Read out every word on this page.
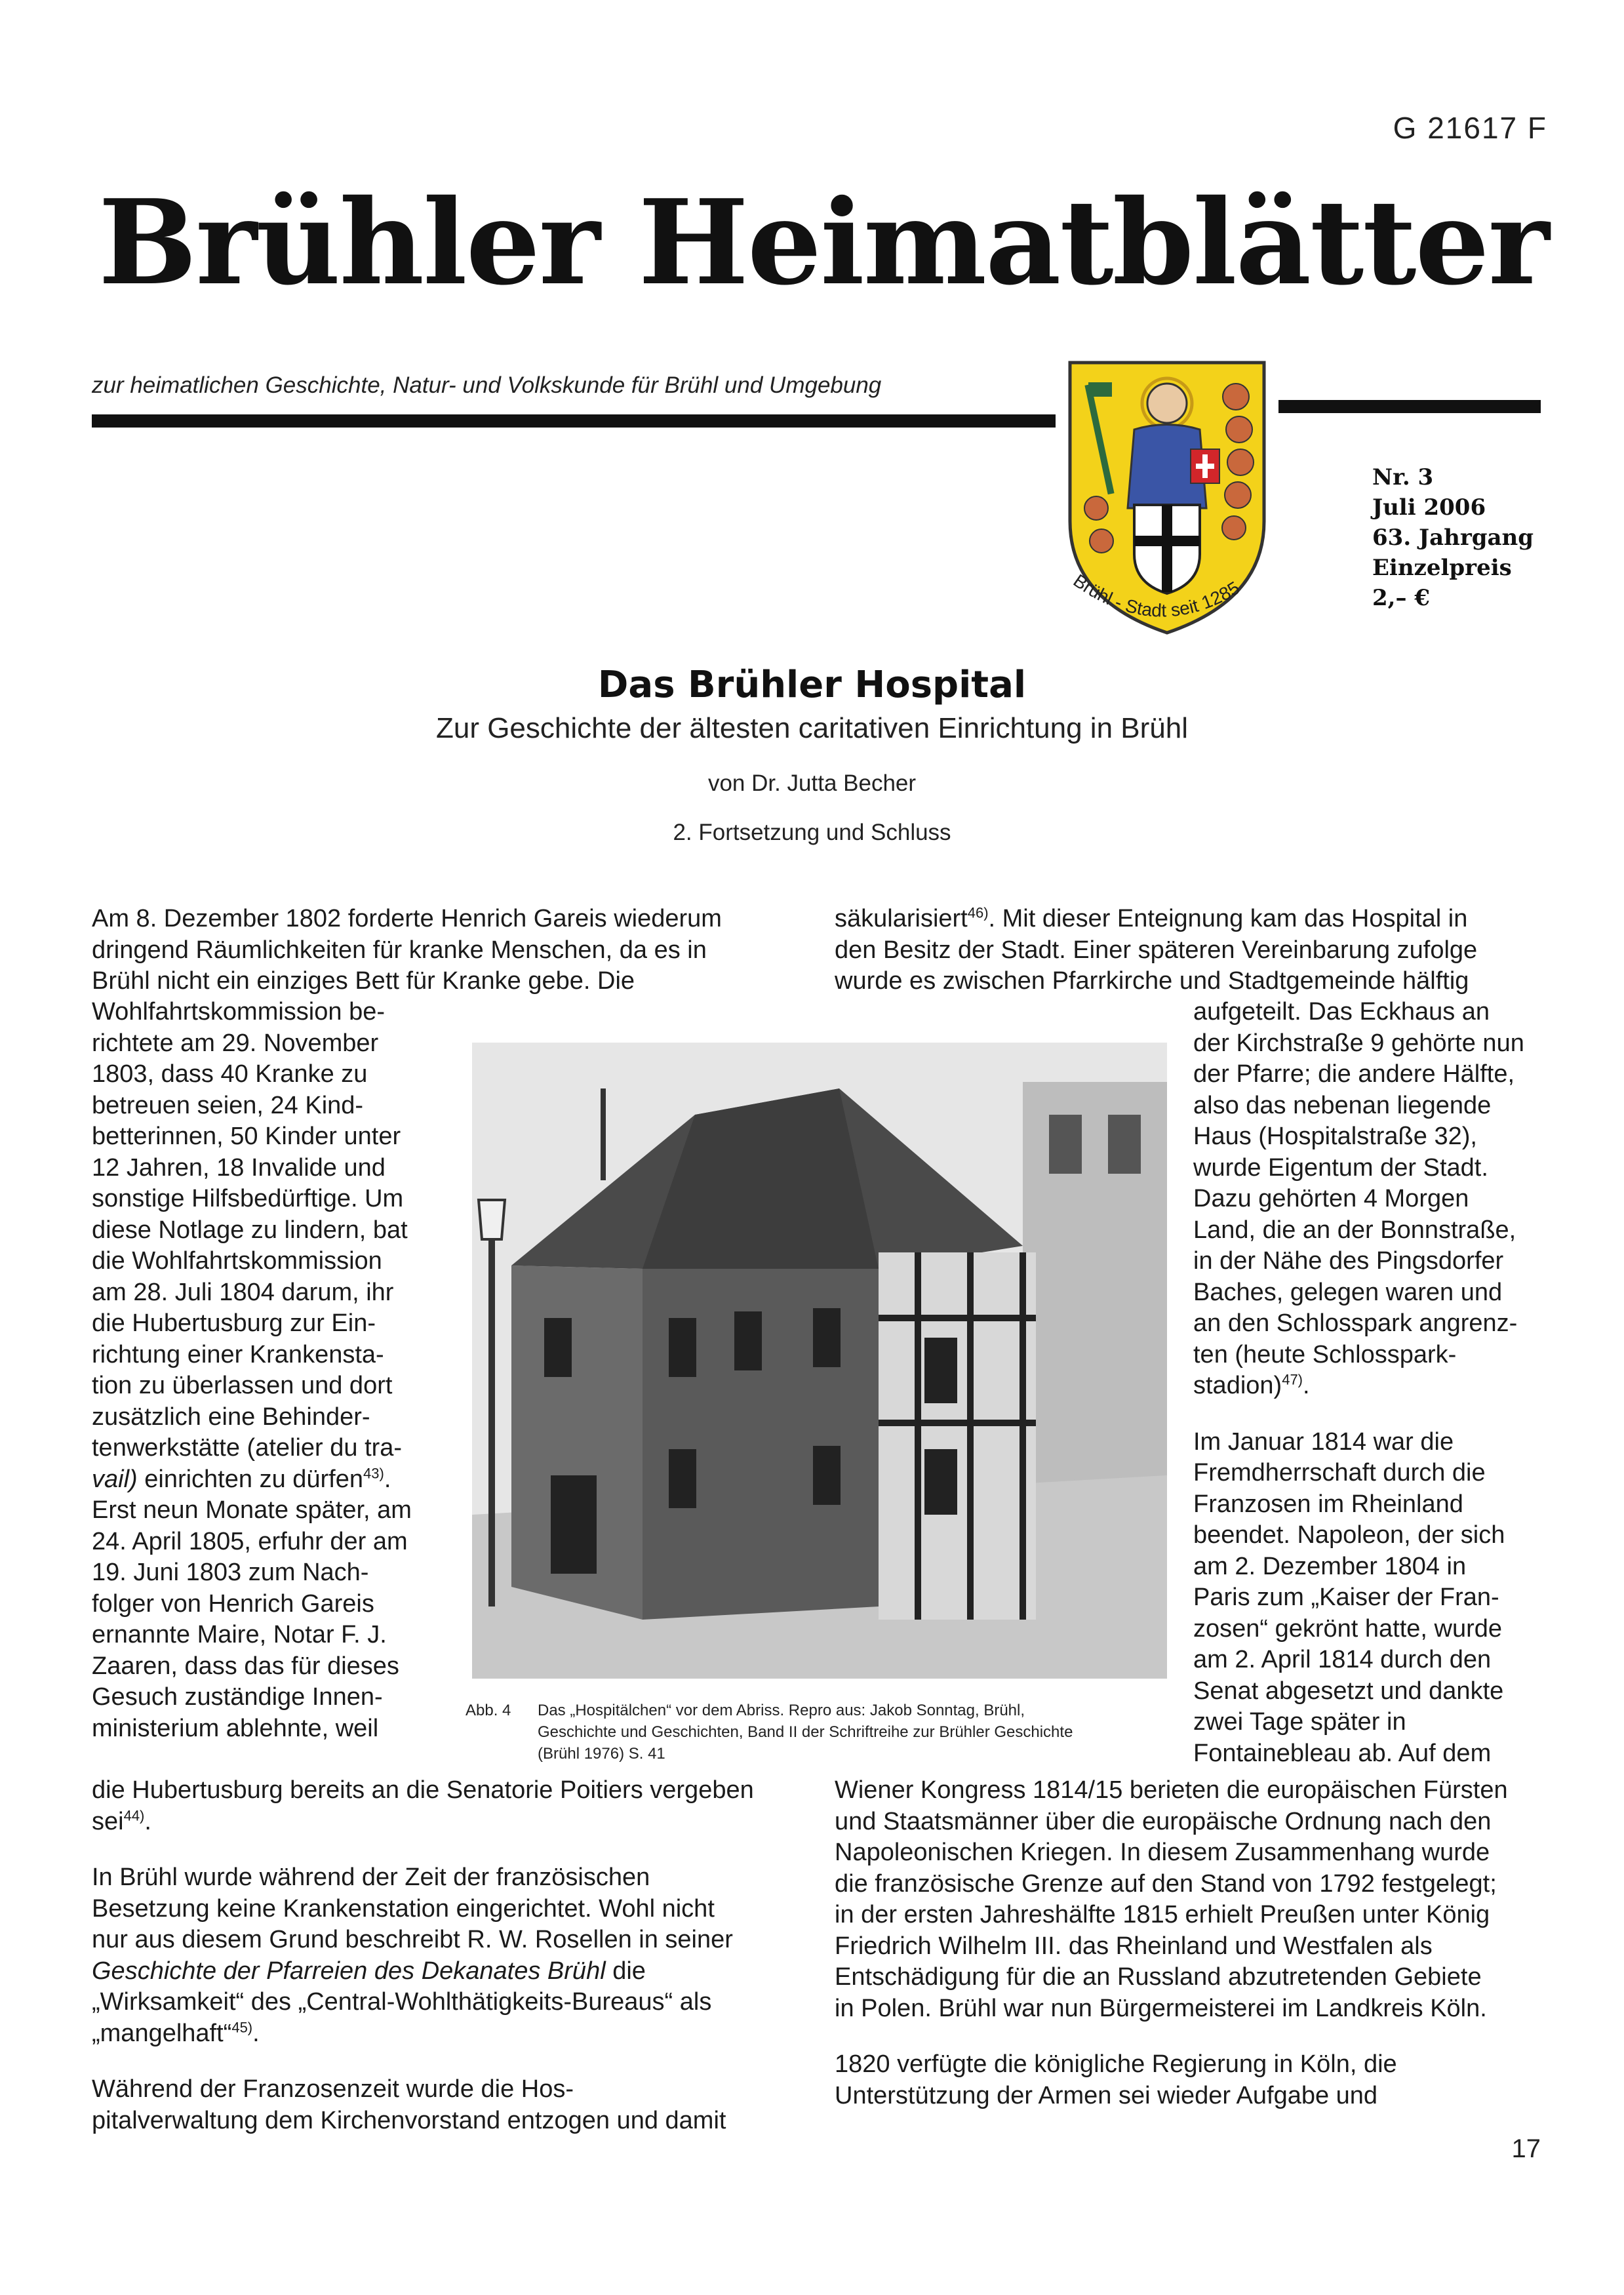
G 21617 F
Brühler Heimatblätter
zur heimatlichen Geschichte, Natur- und Volkskunde für Brühl und Umgebung
Brühl - Stadt seit 1285
Nr. 3
Juli 2006
63. Jahrgang
Einzelpreis
2,– €
Das Brühler Hospital
Zur Geschichte der ältesten caritativen Einrichtung in Brühl
von Dr. Jutta Becher
2. Fortsetzung und Schluss
Am 8. Dezember 1802 forderte Henrich Gareis wiederum
dringend Räumlichkeiten für kranke Menschen, da es in
Brühl nicht ein einziges Bett für Kranke gebe. Die
Wohlfahrtskommission be-
richtete am 29. November
1803, dass 40 Kranke zu
betreuen seien, 24 Kind-
betterinnen, 50 Kinder unter
12 Jahren, 18 Invalide und
sonstige Hilfsbedürftige. Um
diese Notlage zu lindern, bat
die Wohlfahrtskommission
am 28. Juli 1804 darum, ihr
die Hubertusburg zur Ein-
richtung einer Krankensta-
tion zu überlassen und dort
zusätzlich eine Behinder-
tenwerkstätte (atelier du tra-
vail) einrichten zu dürfen$^{43)}$.
Erst neun Monate später, am
24. April 1805, erfuhr der am
19. Juni 1803 zum Nach-
folger von Henrich Gareis
ernannte Maire, Notar F. J.
Zaaren, dass das für dieses
Gesuch zuständige Innen-
ministerium ablehnte, weil
die Hubertusburg bereits an die Senatorie Poitiers vergeben
sei$^{44)}$.
In Brühl wurde während der Zeit der französischen
Besetzung keine Krankenstation eingerichtet. Wohl nicht
nur aus diesem Grund beschreibt R. W. Rosellen in seiner
Geschichte der Pfarreien des Dekanates Brühl die
„Wirksamkeit“ des „Central-Wohlthätigkeits-Bureaus“ als
„mangelhaft“$^{45)}$.
Während der Franzosenzeit wurde die Hos-
pitalverwaltung dem Kirchenvorstand entzogen und damit
säkularisiert$^{46)}$. Mit dieser Enteignung kam das Hospital in
den Besitz der Stadt. Einer späteren Vereinbarung zufolge
wurde es zwischen Pfarrkirche und Stadtgemeinde hälftig
aufgeteilt. Das Eckhaus an
der Kirchstraße 9 gehörte nun
der Pfarre; die andere Hälfte,
also das nebenan liegende
Haus (Hospitalstraße 32),
wurde Eigentum der Stadt.
Dazu gehörten 4 Morgen
Land, die an der Bonnstraße,
in der Nähe des Pingsdorfer
Baches, gelegen waren und
an den Schlosspark angrenz-
ten (heute Schlosspark-
stadion)$^{47)}$.
Im Januar 1814 war die
Fremdherrschaft durch die
Franzosen im Rheinland
beendet. Napoleon, der sich
am 2. Dezember 1804 in
Paris zum „Kaiser der Fran-
zosen“ gekrönt hatte, wurde
am 2. April 1814 durch den
Senat abgesetzt und dankte
zwei Tage später in
Fontainebleau ab. Auf dem
Wiener Kongress 1814/15 berieten die europäischen Fürsten
und Staatsmänner über die europäische Ordnung nach den
Napoleonischen Kriegen. In diesem Zusammenhang wurde
die französische Grenze auf den Stand von 1792 festgelegt;
in der ersten Jahreshälfte 1815 erhielt Preußen unter König
Friedrich Wilhelm III. das Rheinland und Westfalen als
Entschädigung für die an Russland abzutretenden Gebiete
in Polen. Brühl war nun Bürgermeisterei im Landkreis Köln.
1820 verfügte die königliche Regierung in Köln, die
Unterstützung der Armen sei wieder Aufgabe und
Abb. 4	Das „Hospitälchen“ vor dem Abriss. Repro aus: Jakob Sonntag, Brühl,
Geschichte und Geschichten, Band II der Schriftreihe zur Brühler Geschichte
(Brühl 1976) S. 41
17
